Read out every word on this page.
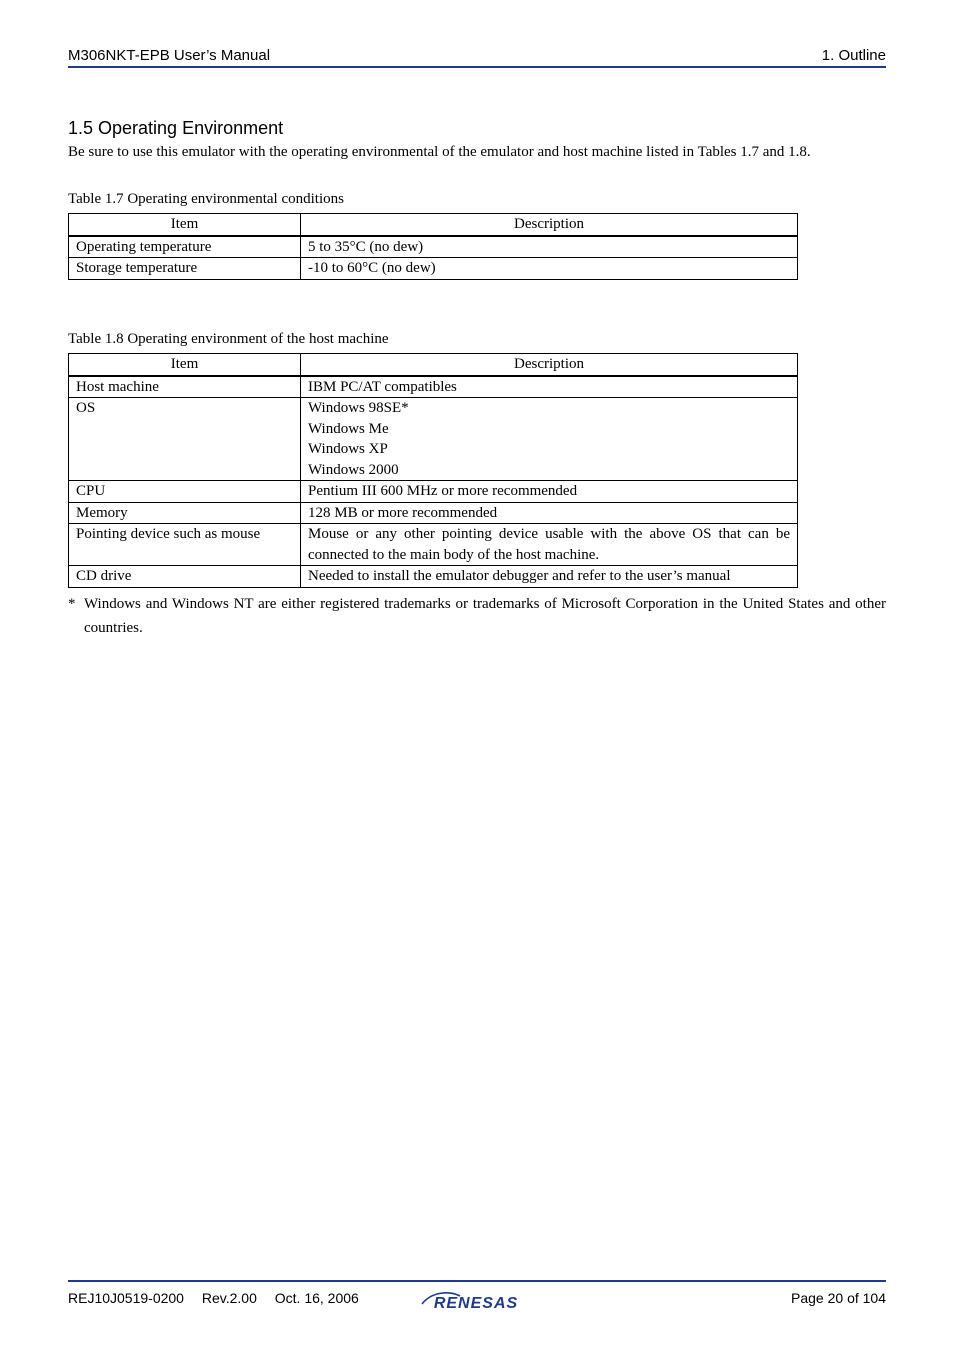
M306NKT-EPB User’s Manual	1. Outline
1.5 Operating Environment
Be sure to use this emulator with the operating environmental of the emulator and host machine listed in Tables 1.7 and 1.8.
Table 1.7 Operating environmental conditions
Item	Description
Operating temperature	5 to 35°C (no dew)
Storage temperature	-10 to 60°C (no dew)
Table 1.8 Operating environment of the host machine
Item	Description
Host machine	IBM PC/AT compatibles
OS	Windows 98SE*
Windows Me
Windows XP
Windows 2000

CPU	Pentium III 600 MHz or more recommended
Memory	128 MB or more recommended
Pointing device such as mouse	Mouse or any other pointing device usable with the above OS that can be connected to the main body of the host machine.
CD drive	Needed to install the emulator debugger and refer to the user’s manual
* Windows and Windows NT are either registered trademarks or trademarks of Microsoft Corporation in the United States and other countries.
REJ10J0519-0200 Rev.2.00 Oct. 16, 2006	Page 20 of 104
RENESAS
